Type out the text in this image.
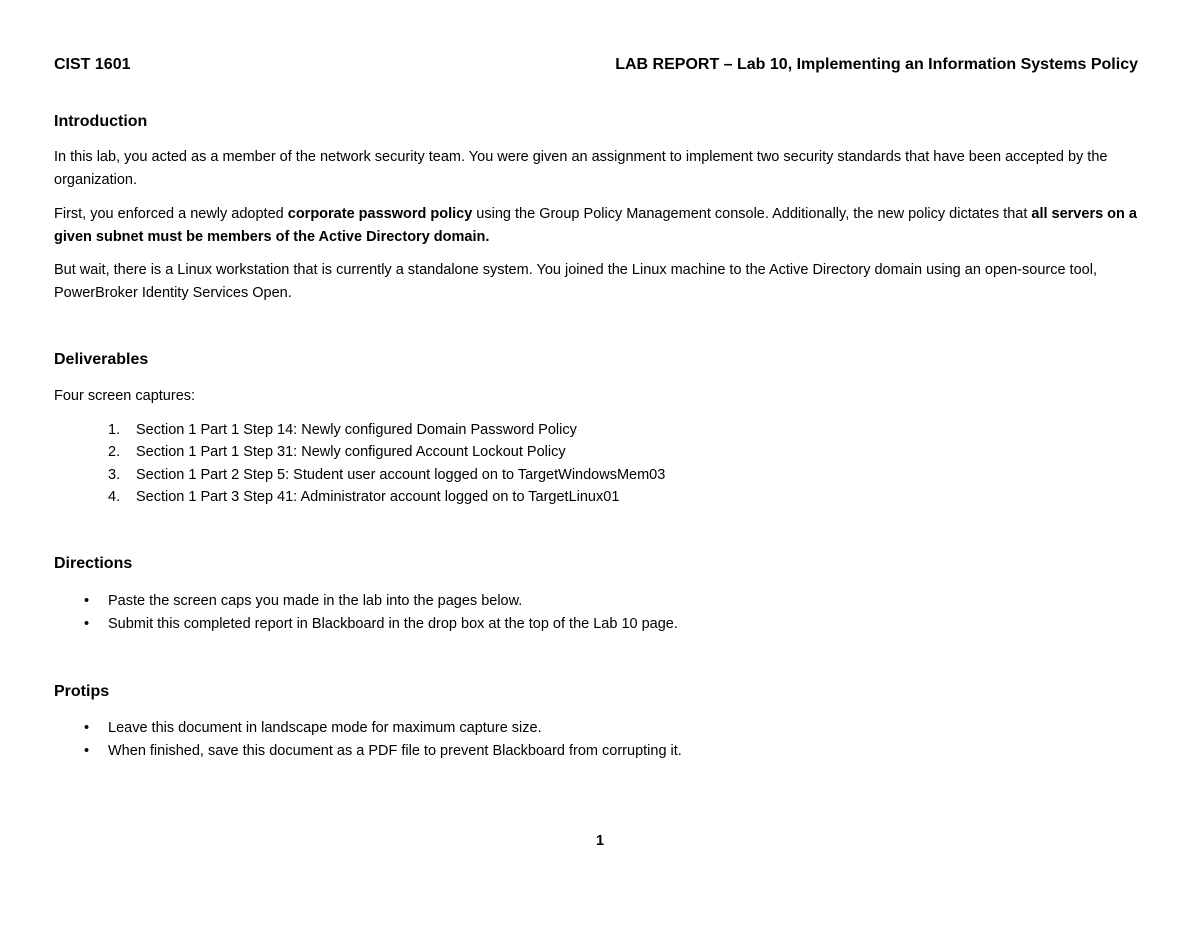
CIST 1601	LAB REPORT – Lab 10, Implementing an Information Systems Policy
Introduction
In this lab, you acted as a member of the network security team. You were given an assignment to implement two security standards that have been accepted by the organization.
First, you enforced a newly adopted corporate password policy using the Group Policy Management console. Additionally, the new policy dictates that all servers on a given subnet must be members of the Active Directory domain.
But wait, there is a Linux workstation that is currently a standalone system. You joined the Linux machine to the Active Directory domain using an open-source tool, PowerBroker Identity Services Open.
Deliverables
Four screen captures:
1. Section 1 Part 1 Step 14: Newly configured Domain Password Policy
2. Section 1 Part 1 Step 31: Newly configured Account Lockout Policy
3. Section 1 Part 2 Step 5: Student user account logged on to TargetWindowsMem03
4. Section 1 Part 3 Step 41: Administrator account logged on to TargetLinux01
Directions
• Paste the screen caps you made in the lab into the pages below.
• Submit this completed report in Blackboard in the drop box at the top of the Lab 10 page.
Protips
• Leave this document in landscape mode for maximum capture size.
• When finished, save this document as a PDF file to prevent Blackboard from corrupting it.
1
